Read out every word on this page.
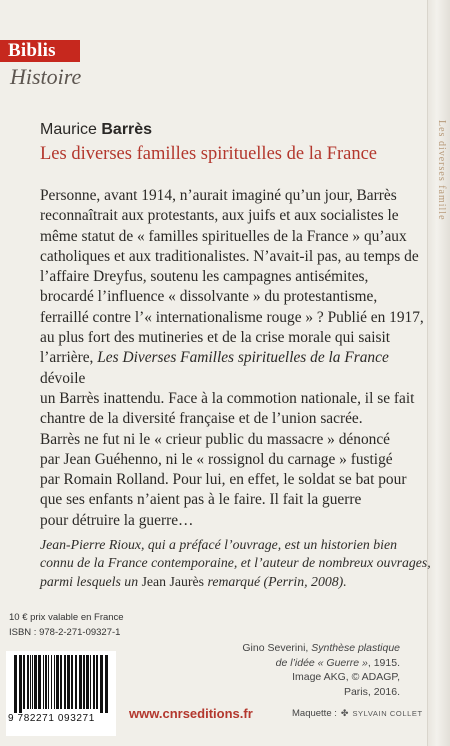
Les diverses famille
Biblis
Histoire
Maurice Barrès
Les diverses familles spirituelles de la France
Personne, avant 1914, n’aurait imaginé qu’un jour, Barrès
reconnaîtrait aux protestants, aux juifs et aux socialistes le
même statut de « familles spirituelles de la France » qu’aux
catholiques et aux traditionalistes. N’avait-il pas, au temps de
l’affaire Dreyfus, soutenu les campagnes antisémites,
brocardé l’influence « dissolvante » du protestantisme,
ferraillé contre l’« internationalisme rouge » ? Publié en 1917,
au plus fort des mutineries et de la crise morale qui saisit
l’arrière, Les Diverses Familles spirituelles de la France dévoile
un Barrès inattendu. Face à la commotion nationale, il se fait
chantre de la diversité française et de l’union sacrée.
Barrès ne fut ni le « crieur public du massacre » dénoncé
par Jean Guéhenno, ni le « rossignol du carnage » fustigé
par Romain Rolland. Pour lui, en effet, le soldat se bat pour
que ses enfants n’aient pas à le faire. Il fait la guerre
pour détruire la guerre…
Jean-Pierre Rioux, qui a préfacé l’ouvrage, est un historien bien
connu de la France contemporaine, et l’auteur de nombreux ouvrages,
parmi lesquels un Jean Jaurès remarqué (Perrin, 2008).
10 € prix valable en France
ISBN : 978-2-271-09327-1
Gino Severini, Synthèse plastique
de l’idée « Guerre », 1915.
Image AKG, © ADAGP,
Paris, 2016.
9 782271 093271	www.cnrseditions.fr	Maquette : ✤ SYLVAIN COLLET
